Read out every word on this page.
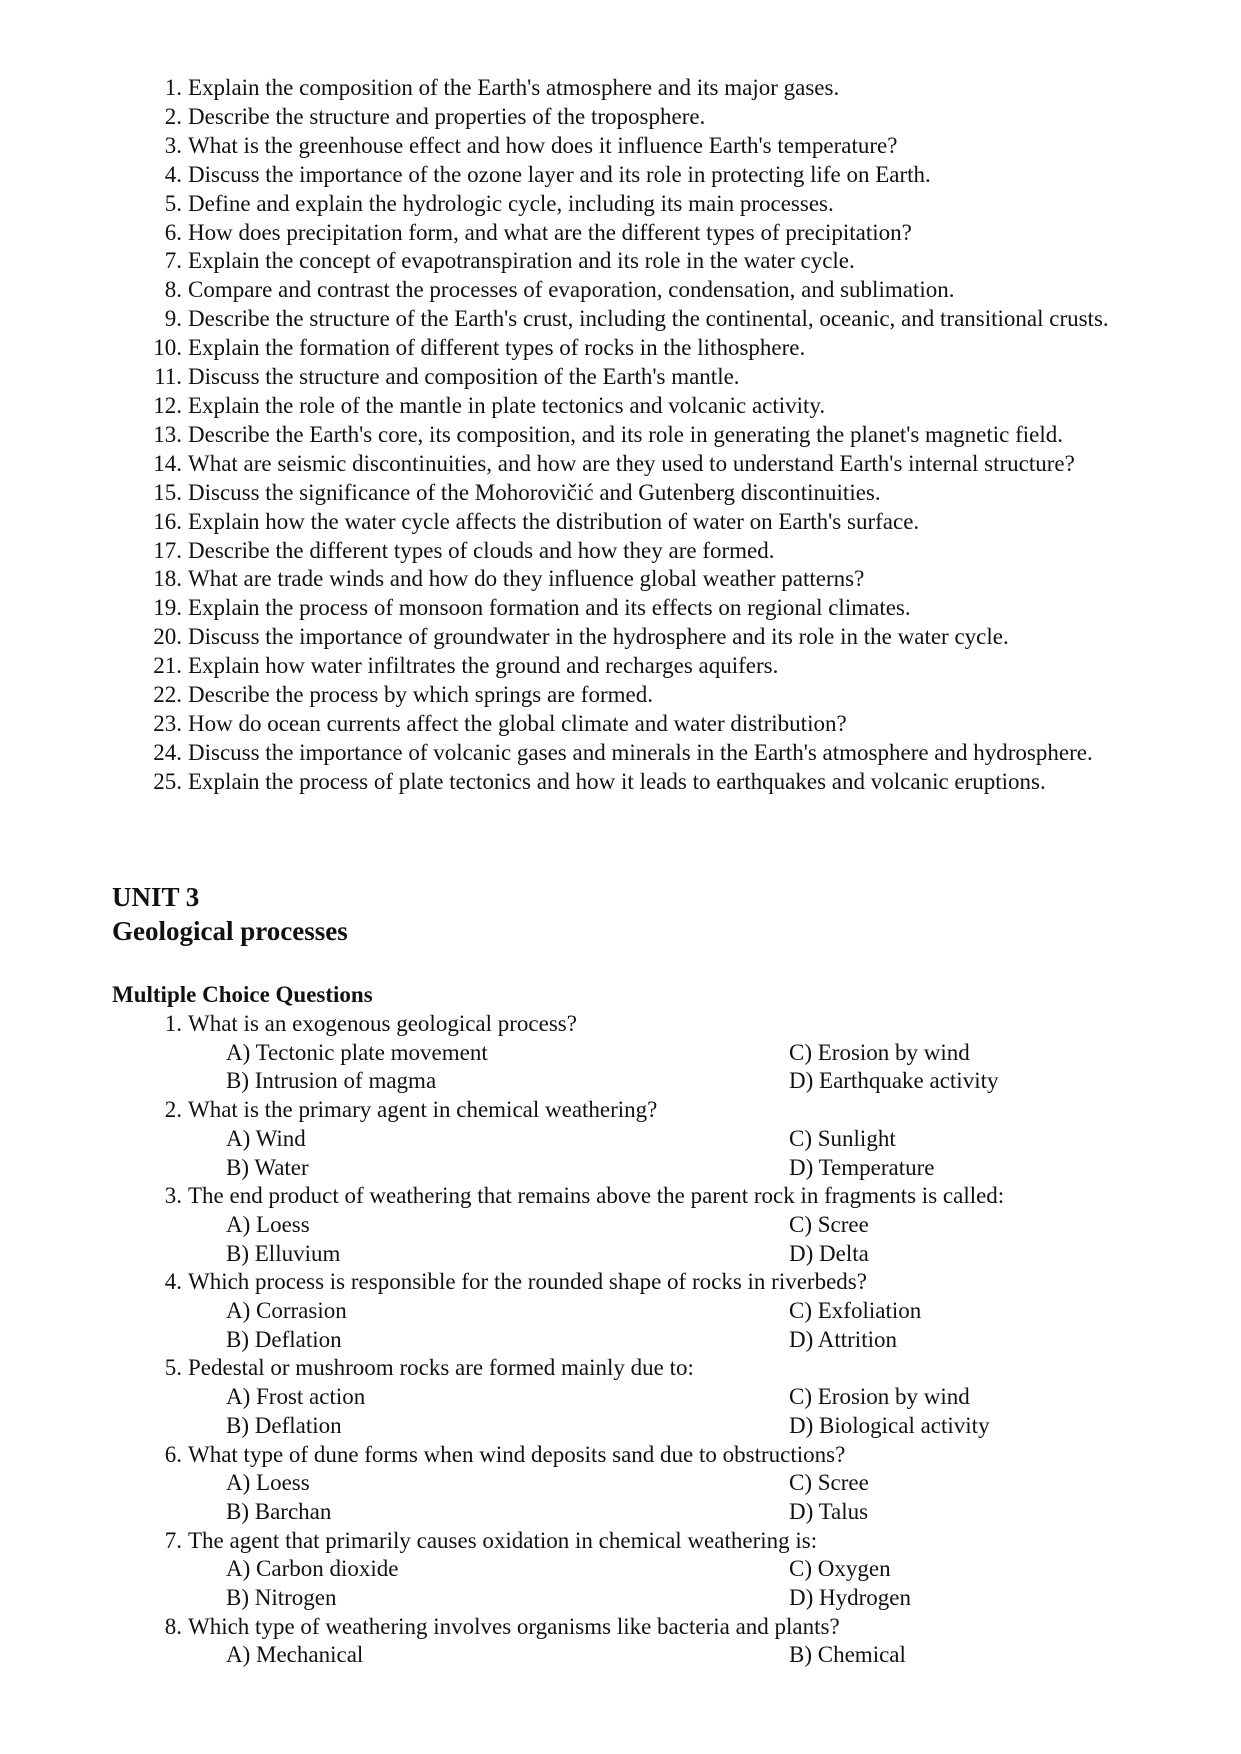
1. Explain the composition of the Earth's atmosphere and its major gases.
2. Describe the structure and properties of the troposphere.
3. What is the greenhouse effect and how does it influence Earth's temperature?
4. Discuss the importance of the ozone layer and its role in protecting life on Earth.
5. Define and explain the hydrologic cycle, including its main processes.
6. How does precipitation form, and what are the different types of precipitation?
7. Explain the concept of evapotranspiration and its role in the water cycle.
8. Compare and contrast the processes of evaporation, condensation, and sublimation.
9. Describe the structure of the Earth's crust, including the continental, oceanic, and transitional crusts.
10. Explain the formation of different types of rocks in the lithosphere.
11. Discuss the structure and composition of the Earth's mantle.
12. Explain the role of the mantle in plate tectonics and volcanic activity.
13. Describe the Earth's core, its composition, and its role in generating the planet's magnetic field.
14. What are seismic discontinuities, and how are they used to understand Earth's internal structure?
15. Discuss the significance of the Mohorovičić and Gutenberg discontinuities.
16. Explain how the water cycle affects the distribution of water on Earth's surface.
17. Describe the different types of clouds and how they are formed.
18. What are trade winds and how do they influence global weather patterns?
19. Explain the process of monsoon formation and its effects on regional climates.
20. Discuss the importance of groundwater in the hydrosphere and its role in the water cycle.
21. Explain how water infiltrates the ground and recharges aquifers.
22. Describe the process by which springs are formed.
23. How do ocean currents affect the global climate and water distribution?
24. Discuss the importance of volcanic gases and minerals in the Earth's atmosphere and hydrosphere.
25. Explain the process of plate tectonics and how it leads to earthquakes and volcanic eruptions.
UNIT 3
Geological processes
Multiple Choice Questions
1. What is an exogenous geological process?
A) Tectonic plate movement	C) Erosion by wind
B) Intrusion of magma	D) Earthquake activity
2. What is the primary agent in chemical weathering?
A) Wind	C) Sunlight
B) Water	D) Temperature
3. The end product of weathering that remains above the parent rock in fragments is called:
A) Loess	C) Scree
B) Elluvium	D) Delta
4. Which process is responsible for the rounded shape of rocks in riverbeds?
A) Corrasion	C) Exfoliation
B) Deflation	D) Attrition
5. Pedestal or mushroom rocks are formed mainly due to:
A) Frost action	C) Erosion by wind
B) Deflation	D) Biological activity
6. What type of dune forms when wind deposits sand due to obstructions?
A) Loess	C) Scree
B) Barchan	D) Talus
7. The agent that primarily causes oxidation in chemical weathering is:
A) Carbon dioxide	C) Oxygen
B) Nitrogen	D) Hydrogen
8. Which type of weathering involves organisms like bacteria and plants?
A) Mechanical	B) Chemical
